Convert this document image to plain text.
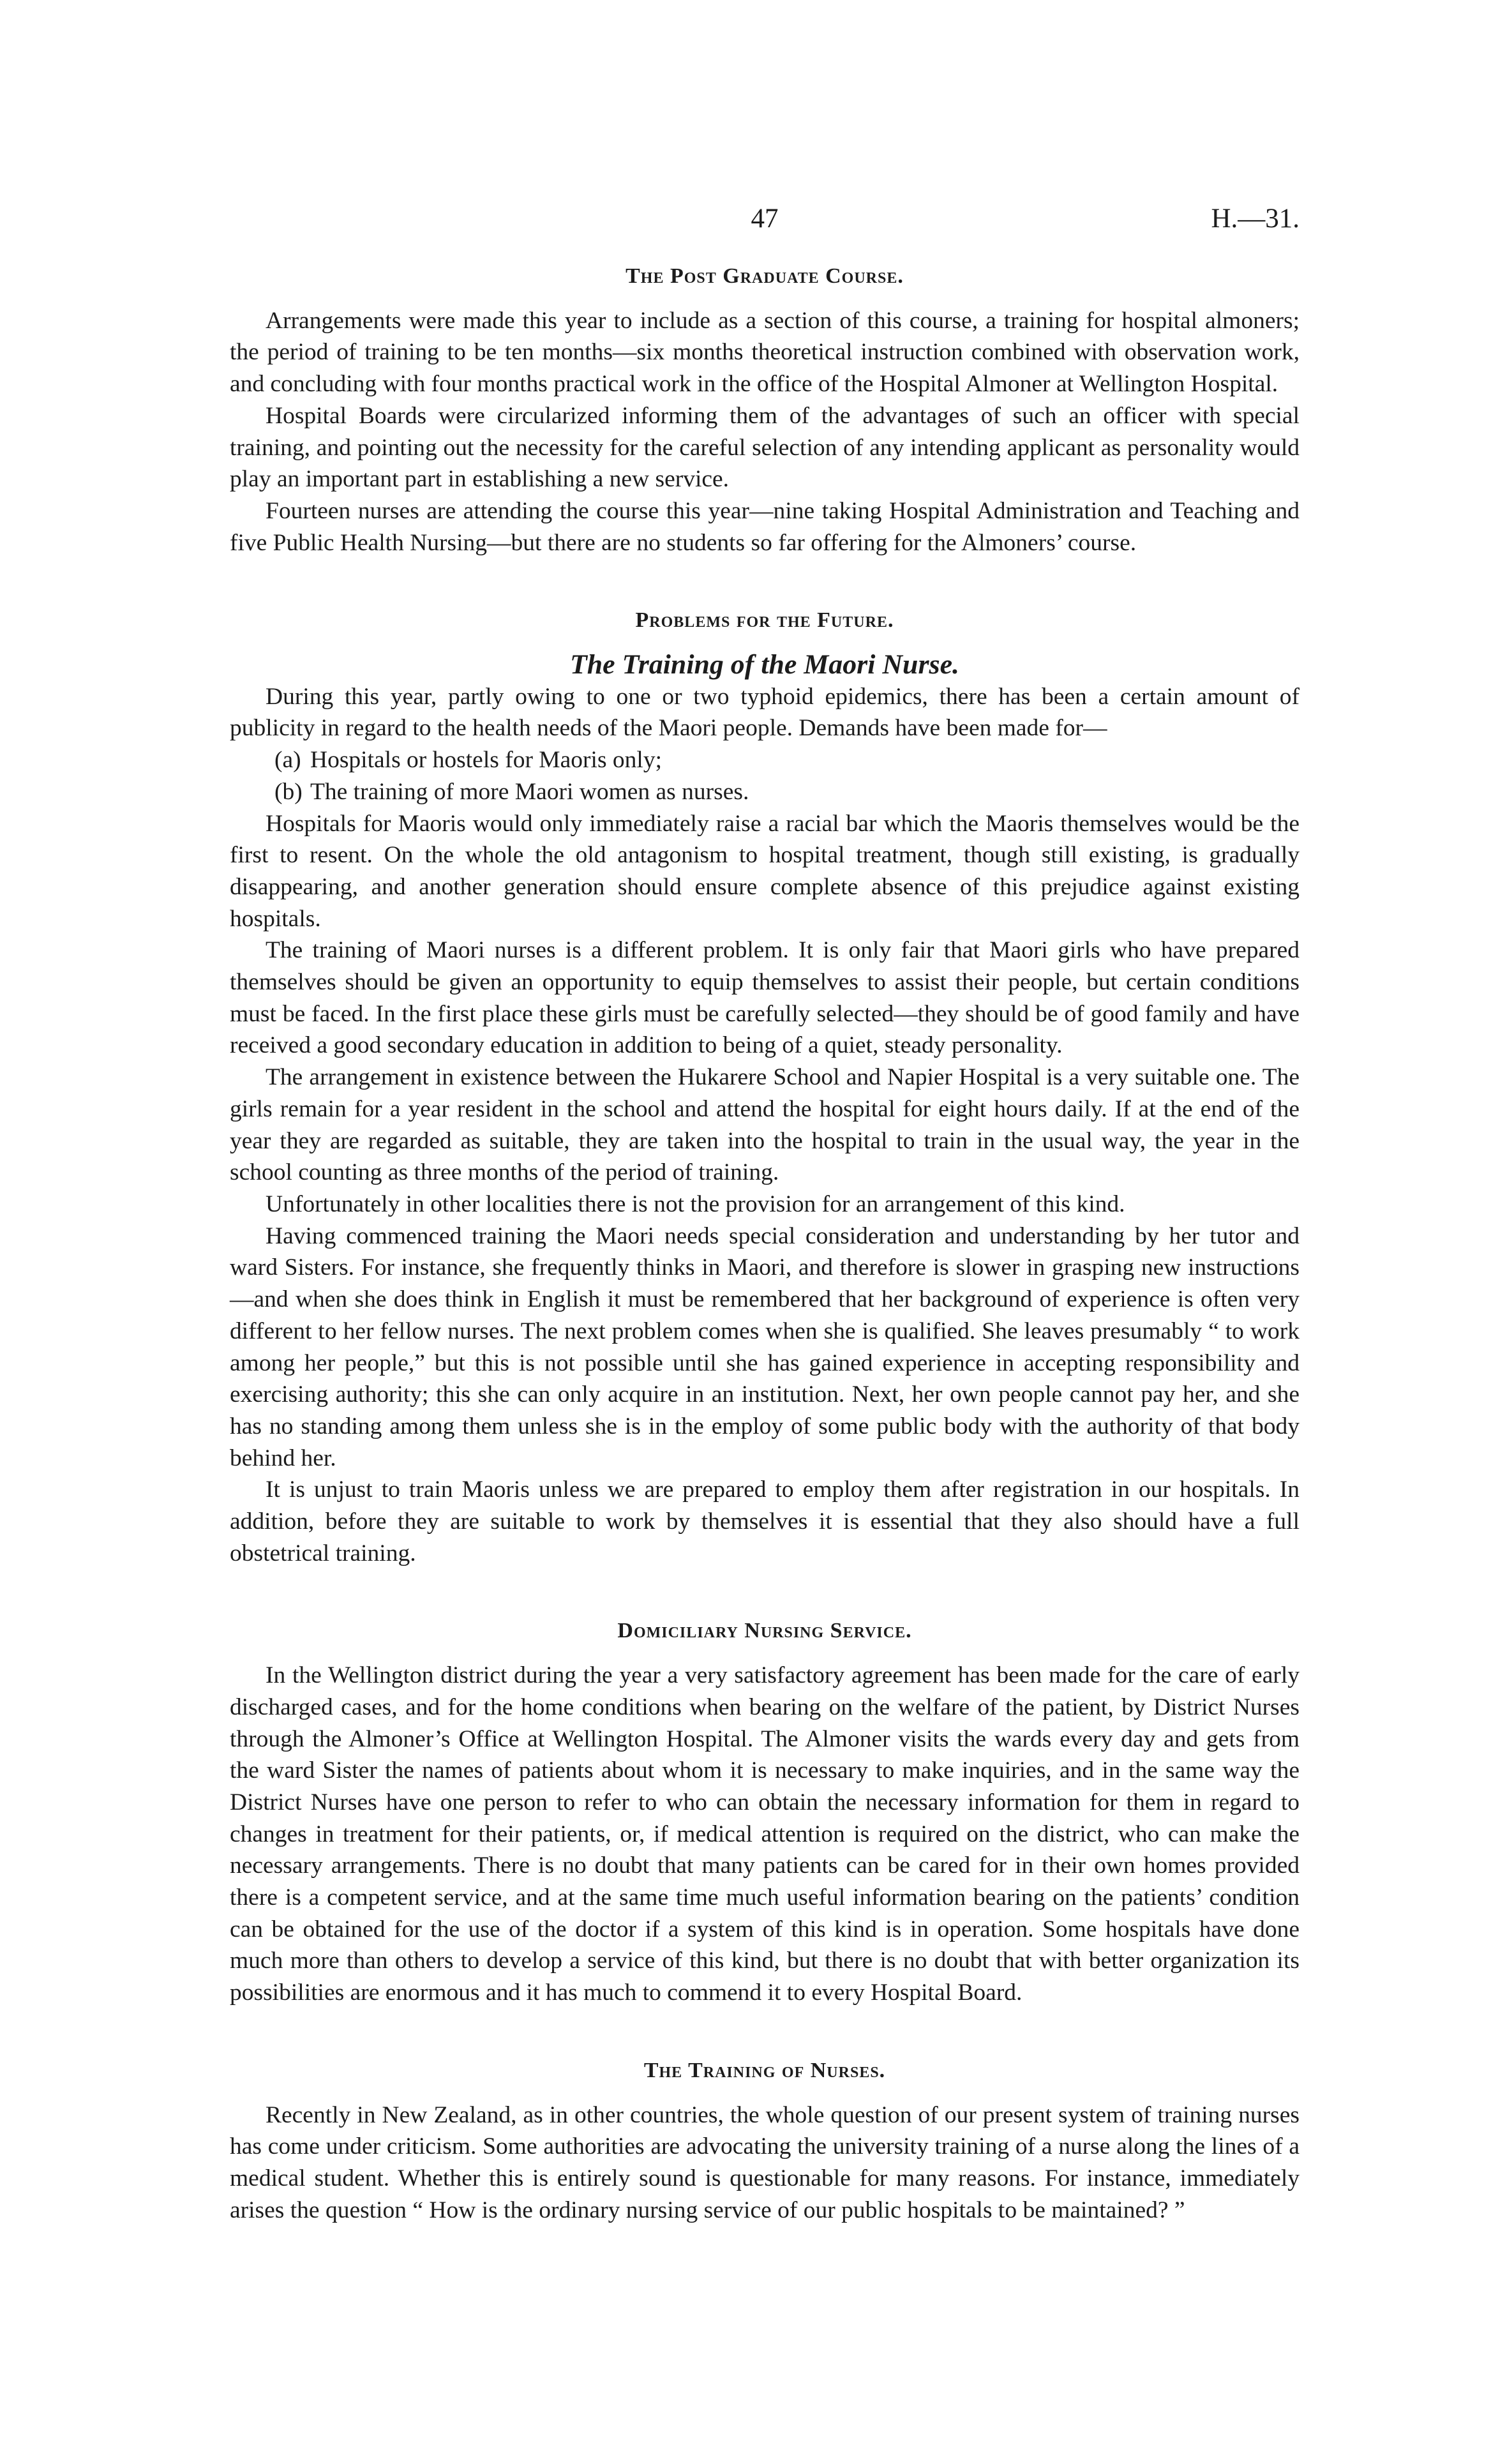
47	H.—31.
The Post Graduate Course.

Arrangements were made this year to include as a section of this course, a training for hospital almoners; the period of training to be ten months—six months theoretical instruction combined with observation work, and concluding with four months practical work in the office of the Hospital Almoner at Wellington Hospital.

Hospital Boards were circularized informing them of the advantages of such an officer with special training, and pointing out the necessity for the careful selection of any intending applicant as personality would play an important part in establishing a new service.

Fourteen nurses are attending the course this year—nine taking Hospital Administration and Teaching and five Public Health Nursing—but there are no students so far offering for the Almoners’ course.

Problems for the Future.
The Training of the Maori Nurse.

During this year, partly owing to one or two typhoid epidemics, there has been a certain amount of publicity in regard to the health needs of the Maori people. Demands have been made for—

(a) Hospitals or hostels for Maoris only;

(b) The training of more Maori women as nurses.

Hospitals for Maoris would only immediately raise a racial bar which the Maoris themselves would be the first to resent. On the whole the old antagonism to hospital treatment, though still existing, is gradually disappearing, and another generation should ensure complete absence of this prejudice against existing hospitals.

The training of Maori nurses is a different problem. It is only fair that Maori girls who have prepared themselves should be given an opportunity to equip themselves to assist their people, but certain conditions must be faced. In the first place these girls must be carefully selected—they should be of good family and have received a good secondary education in addition to being of a quiet, steady personality.

The arrangement in existence between the Hukarere School and Napier Hospital is a very suitable one. The girls remain for a year resident in the school and attend the hospital for eight hours daily. If at the end of the year they are regarded as suitable, they are taken into the hospital to train in the usual way, the year in the school counting as three months of the period of training.

Unfortunately in other localities there is not the provision for an arrangement of this kind.

Having commenced training the Maori needs special consideration and understanding by her tutor and ward Sisters. For instance, she frequently thinks in Maori, and therefore is slower in grasping new instructions—and when she does think in English it must be remembered that her background of experience is often very different to her fellow nurses. The next problem comes when she is qualified. She leaves presumably “ to work among her people,” but this is not possible until she has gained experience in accepting responsibility and exercising authority; this she can only acquire in an institution. Next, her own people cannot pay her, and she has no standing among them unless she is in the employ of some public body with the authority of that body behind her.

It is unjust to train Maoris unless we are prepared to employ them after registration in our hospitals. In addition, before they are suitable to work by themselves it is essential that they also should have a full obstetrical training.

Domiciliary Nursing Service.

In the Wellington district during the year a very satisfactory agreement has been made for the care of early discharged cases, and for the home conditions when bearing on the welfare of the patient, by District Nurses through the Almoner’s Office at Wellington Hospital. The Almoner visits the wards every day and gets from the ward Sister the names of patients about whom it is necessary to make inquiries, and in the same way the District Nurses have one person to refer to who can obtain the necessary information for them in regard to changes in treatment for their patients, or, if medical attention is required on the district, who can make the necessary arrangements. There is no doubt that many patients can be cared for in their own homes provided there is a competent service, and at the same time much useful information bearing on the patients’ condition can be obtained for the use of the doctor if a system of this kind is in operation. Some hospitals have done much more than others to develop a service of this kind, but there is no doubt that with better organization its possibilities are enormous and it has much to commend it to every Hospital Board.

The Training of Nurses.

Recently in New Zealand, as in other countries, the whole question of our present system of training nurses has come under criticism. Some authorities are advocating the university training of a nurse along the lines of a medical student. Whether this is entirely sound is questionable for many reasons. For instance, immediately arises the question “ How is the ordinary nursing service of our public hospitals to be maintained? ”
